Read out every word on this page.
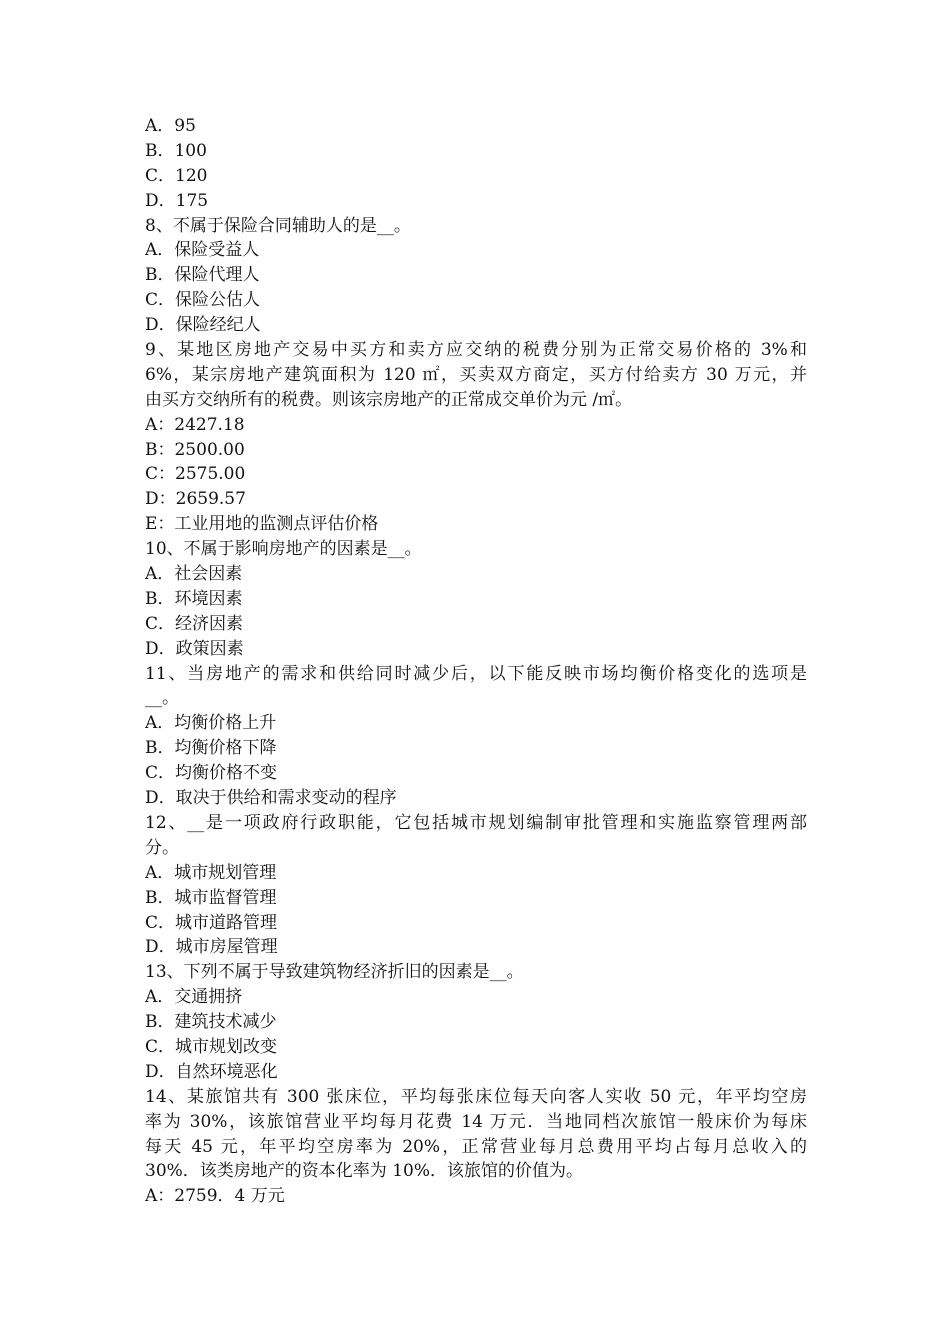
A．95
B．100
C．120
D．175
8、不属于保险合同辅助人的是__。
A．保险受益人
B．保险代理人
C．保险公估人
D．保险经纪人
9、某地区房地产交易中买方和卖方应交纳的税费分别为正常交易价格的 3%和
6%，某宗房地产建筑面积为 120 ㎡，买卖双方商定，买方付给卖方 30 万元，并
由买方交纳所有的税费。则该宗房地产的正常成交单价为元 /㎡。
A：2427.18
B：2500.00
C：2575.00
D：2659.57
E：工业用地的监测点评估价格
10、不属于影响房地产的因素是__。
A．社会因素
B．环境因素
C．经济因素
D．政策因素
11、当房地产的需求和供给同时减少后，以下能反映市场均衡价格变化的选项是
__。
A．均衡价格上升
B．均衡价格下降
C．均衡价格不变
D．取决于供给和需求变动的程序
12、__是一项政府行政职能，它包括城市规划编制审批管理和实施监察管理两部
分。
A．城市规划管理
B．城市监督管理
C．城市道路管理
D．城市房屋管理
13、下列不属于导致建筑物经济折旧的因素是__。
A．交通拥挤
B．建筑技术减少
C．城市规划改变
D．自然环境恶化
14、某旅馆共有 300 张床位，平均每张床位每天向客人实收 50 元，年平均空房
率为 30%，该旅馆营业平均每月花费 14 万元．当地同档次旅馆一般床价为每床
每天 45 元，年平均空房率为 20%，正常营业每月总费用平均占每月总收入的
30%．该类房地产的资本化率为 10%．该旅馆的价值为。
A：2759．4 万元
